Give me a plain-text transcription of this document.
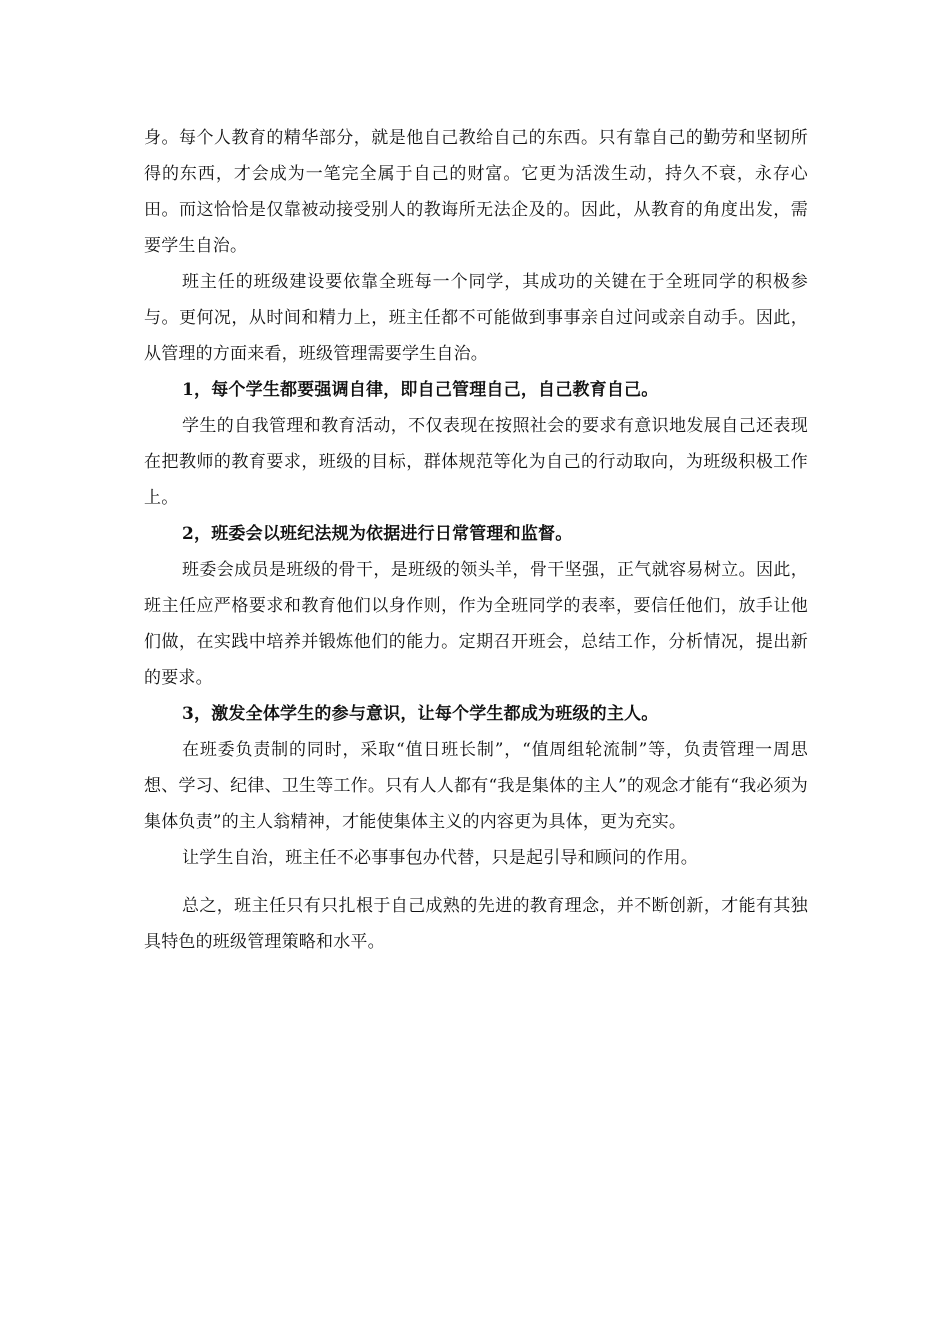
身。每个人教育的精华部分，就是他自己教给自己的东西。只有靠自己的勤劳和坚韧所得的东西，才会成为一笔完全属于自己的财富。它更为活泼生动，持久不衰，永存心田。而这恰恰是仅靠被动接受别人的教诲所无法企及的。因此，从教育的角度出发，需要学生自治。

班主任的班级建设要依靠全班每一个同学，其成功的关键在于全班同学的积极参与。更何况，从时间和精力上，班主任都不可能做到事事亲自过问或亲自动手。因此，从管理的方面来看，班级管理需要学生自治。

1，每个学生都要强调自律，即自己管理自己，自己教育自己。

学生的自我管理和教育活动，不仅表现在按照社会的要求有意识地发展自己还表现在把教师的教育要求，班级的目标，群体规范等化为自己的行动取向，为班级积极工作上。

2，班委会以班纪法规为依据进行日常管理和监督。

班委会成员是班级的骨干，是班级的领头羊，骨干坚强，正气就容易树立。因此，班主任应严格要求和教育他们以身作则，作为全班同学的表率，要信任他们，放手让他们做，在实践中培养并锻炼他们的能力。定期召开班会，总结工作，分析情况，提出新的要求。

3，激发全体学生的参与意识，让每个学生都成为班级的主人。

在班委负责制的同时，采取“值日班长制”，“值周组轮流制”等，负责管理一周思想、学习、纪律、卫生等工作。只有人人都有“我是集体的主人”的观念才能有“我必须为集体负责”的主人翁精神，才能使集体主义的内容更为具体，更为充实。

让学生自治，班主任不必事事包办代替，只是起引导和顾问的作用。

总之，班主任只有只扎根于自己成熟的先进的教育理念，并不断创新，才能有其独具特色的班级管理策略和水平。
